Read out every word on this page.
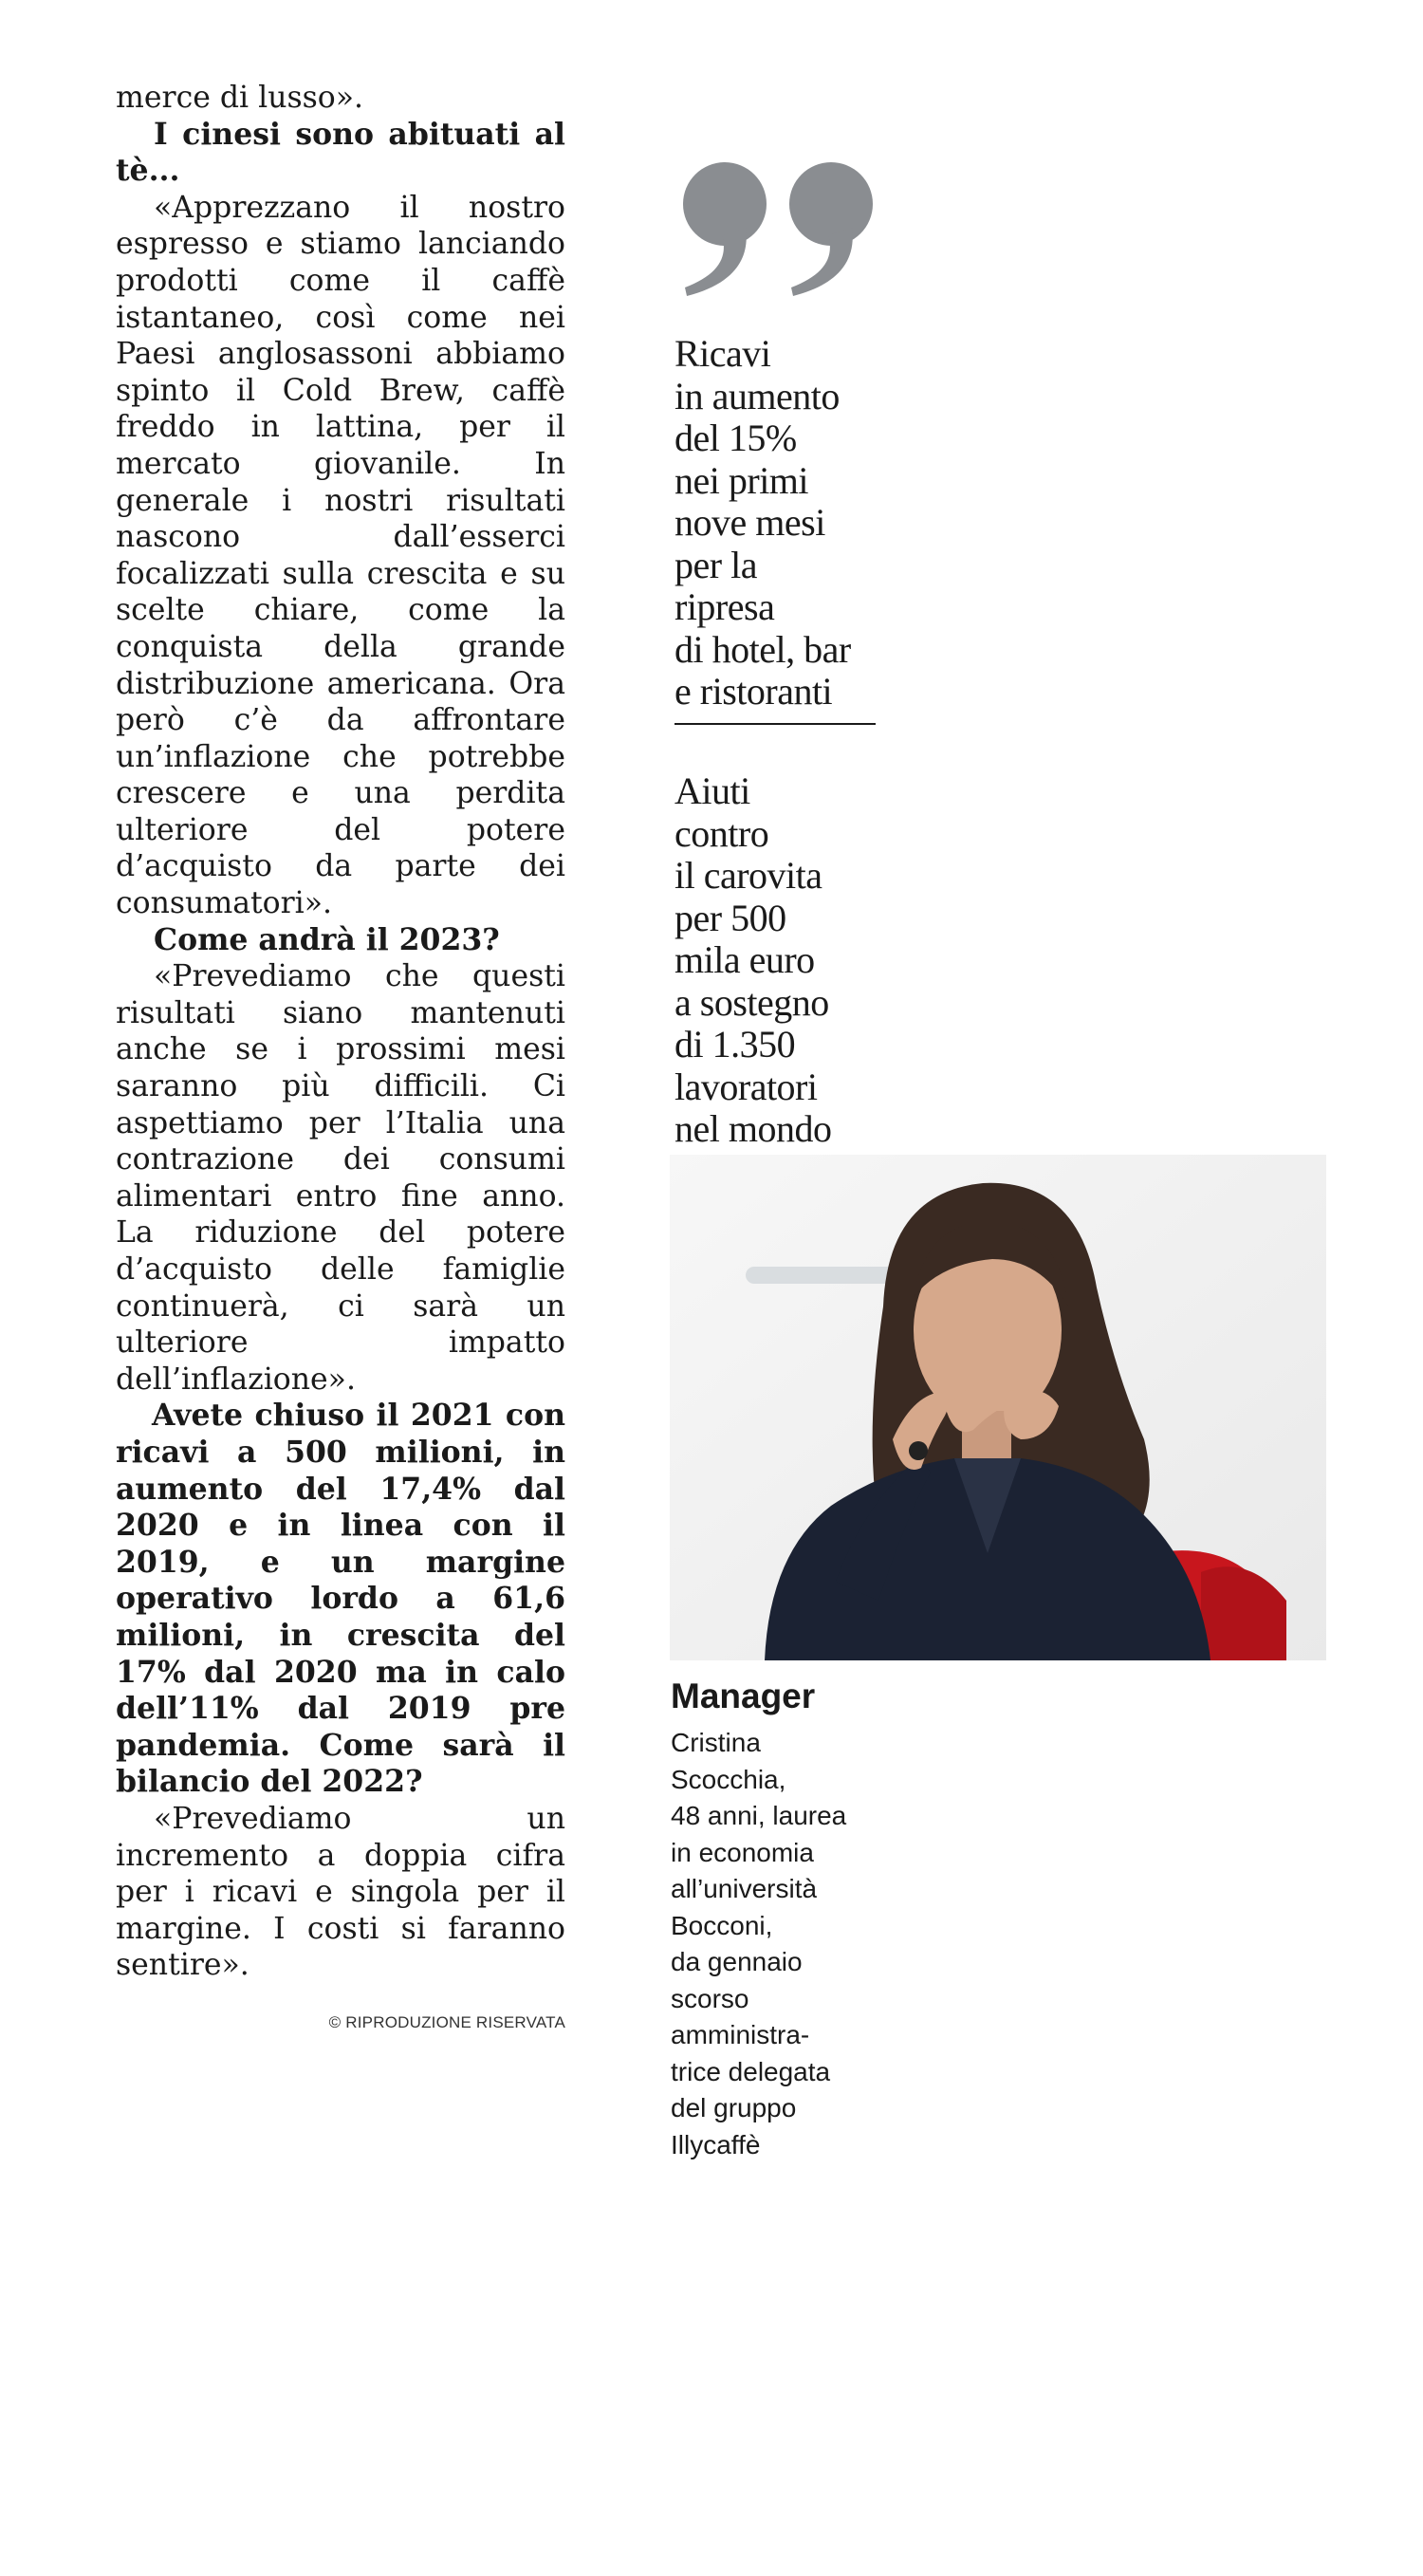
merce di lusso».

I cinesi sono abituati al tè...

«Apprezzano il nostro espresso e stiamo lanciando prodotti come il caffè istantaneo, così come nei Paesi anglosassoni abbiamo spinto il Cold Brew, caffè freddo in lattina, per il mercato giovanile. In generale i nostri risultati nascono dall’esserci focalizzati sulla crescita e su scelte chiare, come la conquista della grande distribuzione americana. Ora però c’è da affrontare un’inflazione che potrebbe crescere e una perdita ulteriore del potere d’acquisto da parte dei consumatori».

Come andrà il 2023?

«Prevediamo che questi risultati siano mantenuti anche se i prossimi mesi saranno più difficili. Ci aspettiamo per l’Italia una contrazione dei consumi alimentari entro fine anno. La riduzione del potere d’acquisto delle famiglie continuerà, ci sarà un ulteriore impatto dell’inflazione».

Avete chiuso il 2021 con ricavi a 500 milioni, in aumento del 17,4% dal 2020 e in linea con il 2019, e un margine operativo lordo a 61,6 milioni, in crescita del 17% dal 2020 ma in calo dell’11% dal 2019 pre pandemia. Come sarà il bilancio del 2022?

«Prevediamo un incremento a doppia cifra per i ricavi e singola per il margine. I costi si faranno sentire».

© RIPRODUZIONE RISERVATA
Ricavi
in aumento
del 15%
nei primi
nove mesi
per la
ripresa
di hotel, bar
e ristoranti
Aiuti
contro
il carovita
per 500
mila euro
a sostegno
di 1.350
lavoratori
nel mondo
Manager
Cristina
Scocchia,
48 anni, laurea
in economia
all’università
Bocconi,
da gennaio
scorso
amministra-
trice delegata
del gruppo
Illycaffè
